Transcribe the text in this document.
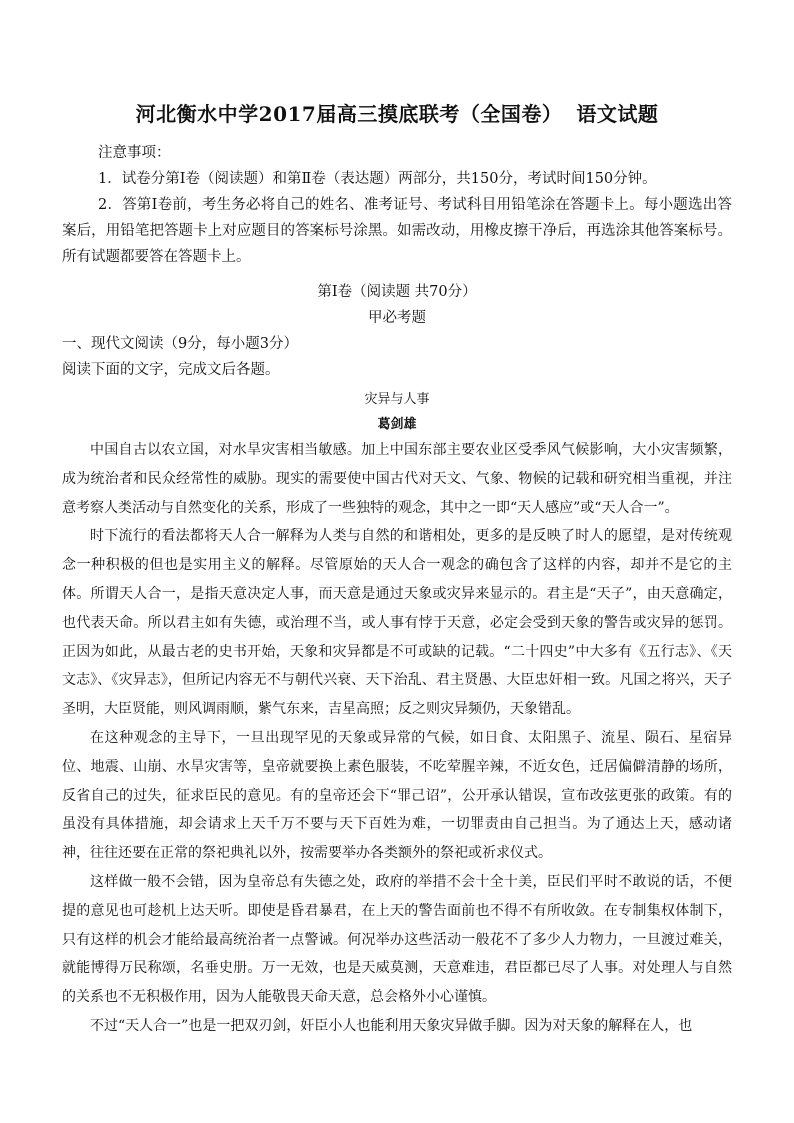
河北衡水中学2017届高三摸底联考（全国卷） 语文试题
注意事项：

1．试卷分第Ⅰ卷（阅读题）和第Ⅱ卷（表达题）两部分，共150分，考试时间150分钟。

2．答第Ⅰ卷前，考生务必将自己的姓名、准考证号、考试科目用铅笔涂在答题卡上。每小题选出答案后，用铅笔把答题卡上对应题目的答案标号涂黑。如需改动，用橡皮擦干净后，再选涂其他答案标号。所有试题都要答在答题卡上。

第Ⅰ卷（阅读题 共70分）
甲必考题
一、现代文阅读（9分，每小题3分）
阅读下面的文字，完成文后各题。
灾异与人事
葛剑雄

中国自古以农立国，对水旱灾害相当敏感。加上中国东部主要农业区受季风气候影响，大小灾害频繁，成为统治者和民众经常性的威胁。现实的需要使中国古代对天文、气象、物候的记载和研究相当重视，并注意考察人类活动与自然变化的关系，形成了一些独特的观念，其中之一即“天人感应”或“天人合一”。

时下流行的看法都将天人合一解释为人类与自然的和谐相处，更多的是反映了时人的愿望，是对传统观念一种积极的但也是实用主义的解释。尽管原始的天人合一观念的确包含了这样的内容，却并不是它的主体。所谓天人合一，是指天意决定人事，而天意是通过天象或灾异来显示的。君主是“天子”，由天意确定，也代表天命。所以君主如有失德，或治理不当，或人事有悖于天意，必定会受到天象的警告或灾异的惩罚。正因为如此，从最古老的史书开始，天象和灾异都是不可或缺的记载。“二十四史”中大多有《五行志》、《天文志》、《灾异志》，但所记内容无不与朝代兴衰、天下治乱、君主贤愚、大臣忠奸相一致。凡国之将兴，天子圣明，大臣贤能，则风调雨顺，紫气东来，吉星高照；反之则灾异频仍，天象错乱。

在这种观念的主导下，一旦出现罕见的天象或异常的气候，如日食、太阳黑子、流星、陨石、星宿异位、地震、山崩、水旱灾害等，皇帝就要换上素色服装，不吃荤腥辛辣，不近女色，迁居偏僻清静的场所，反省自己的过失，征求臣民的意见。有的皇帝还会下“罪己诏”，公开承认错误，宣布改弦更张的政策。有的虽没有具体措施，却会请求上天千万不要与天下百姓为难，一切罪责由自己担当。为了通达上天，感动诸神，往往还要在正常的祭祀典礼以外，按需要举办各类额外的祭祀或祈求仪式。

这样做一般不会错，因为皇帝总有失德之处，政府的举措不会十全十美，臣民们平时不敢说的话，不便提的意见也可趁机上达天听。即使是昏君暴君，在上天的警告面前也不得不有所收敛。在专制集权体制下，只有这样的机会才能给最高统治者一点警诫。何况举办这些活动一般花不了多少人力物力，一旦渡过难关，就能博得万民称颂，名垂史册。万一无效，也是天威莫测，天意难违，君臣都已尽了人事。对处理人与自然的关系也不无积极作用，因为人能敬畏天命天意，总会格外小心谨慎。

不过“天人合一”也是一把双刃剑，奸臣小人也能利用天象灾异做手脚。因为对天象的解释在人，也
